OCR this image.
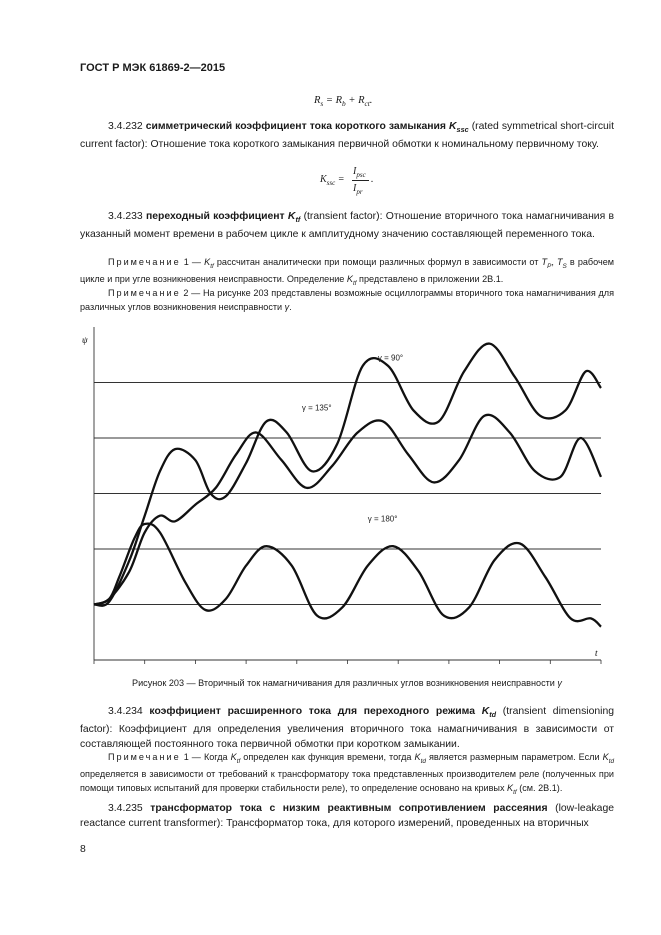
ГОСТ Р МЭК 61869-2—2015
$R_s = R_b + R_{ct}$.
3.4.232 симметрический коэффициент тока короткого замыкания $K_{ssc}$ (rated symmetrical short-circuit current factor): Отношение тока короткого замыкания первичной обмотки к номинальному первичному току.
$K_{ssc}$ =
$I_{psc}$
$I_{pr}$
.
3.4.233 переходный коэффициент $K_{tf}$ (transient factor): Отношение вторичного тока намагничивания в указанный момент времени в рабочем цикле к амплитудному значению составляющей переменного тока.
Примечание 1 — $K_{tf}$ рассчитан аналитически при помощи различных формул в зависимости от $T_P$, $T_S$ в рабочем цикле и при угле возникновения неисправности. Определение $K_{tf}$ представлено в приложении 2В.1.
Примечание 2 — На рисунке 203 представлены возможные осциллограммы вторичного тока намагничивания для различных углов возникновения неисправности γ.
ψ
t
γ = 90°
γ = 135°
γ = 180°
Рисунок 203 — Вторичный ток намагничивания для различных углов возникновения неисправности γ
3.4.234 коэффициент расширенного тока для переходного режима $K_{td}$ (transient dimensioning factor): Коэффициент для определения увеличения вторичного тока намагничивания в зависимости от составляющей постоянного тока первичной обмотки при коротком замыкании.
Примечание 1 — Когда $K_{tf}$ определен как функция времени, тогда $K_{td}$ является размерным параметром. Если $K_{td}$ определяется в зависимости от требований к трансформатору тока представленных производителем реле (полученных при помощи типовых испытаний для проверки стабильности реле), то определение основано на кривых $K_{tf}$ (см. 2В.1).
3.4.235 трансформатор тока с низким реактивным сопротивлением рассеяния (low-leakage reactance current transformer): Трансформатор тока, для которого измерений, проведенных на вторичных
8
